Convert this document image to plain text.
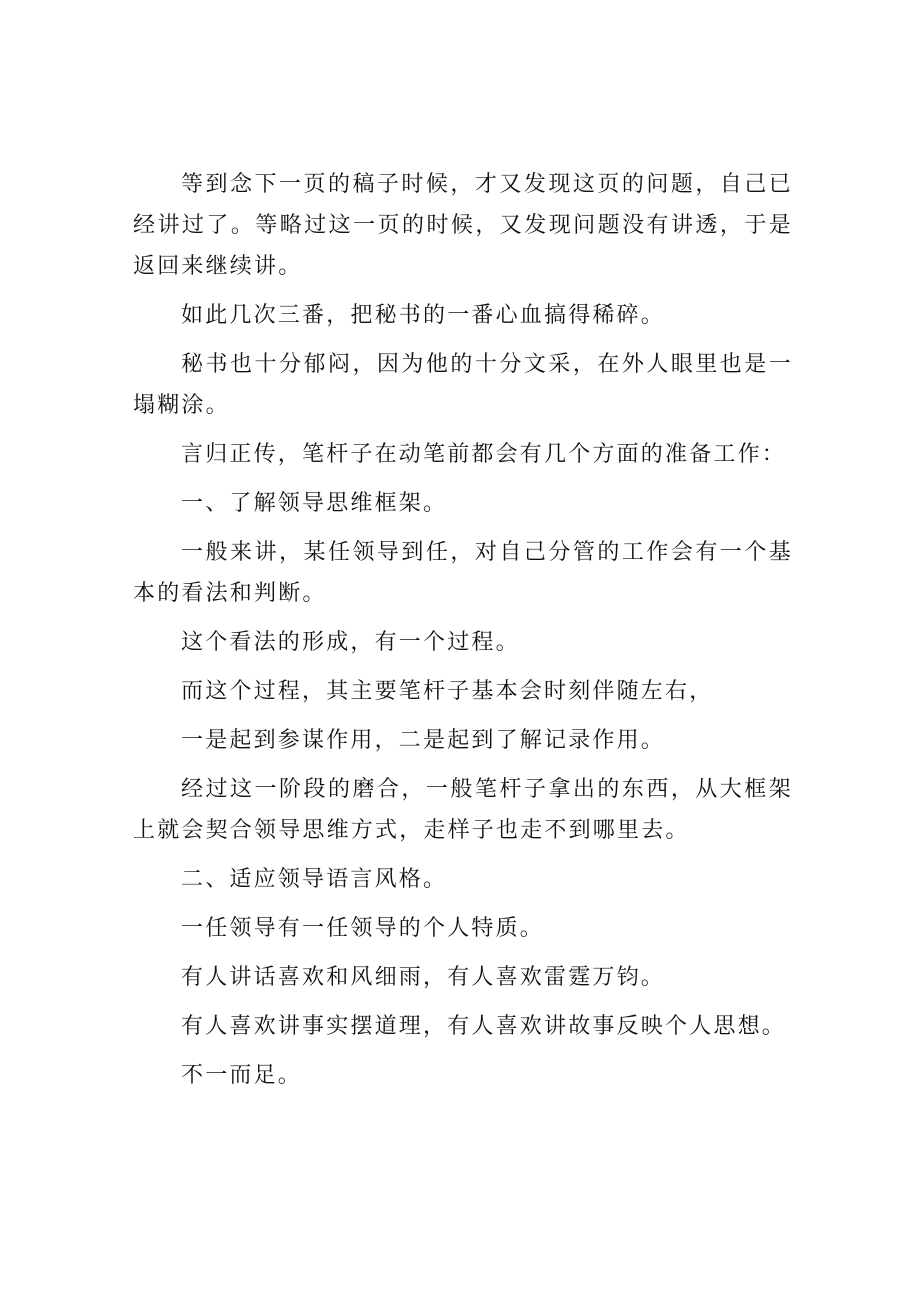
等到念下一页的稿子时候，才又发现这页的问题，自己已经讲过了。等略过这一页的时候，又发现问题没有讲透，于是返回来继续讲。

如此几次三番，把秘书的一番心血搞得稀碎。

秘书也十分郁闷，因为他的十分文采，在外人眼里也是一塌糊涂。

言归正传，笔杆子在动笔前都会有几个方面的准备工作：

一、了解领导思维框架。

一般来讲，某任领导到任，对自己分管的工作会有一个基本的看法和判断。

这个看法的形成，有一个过程。

而这个过程，其主要笔杆子基本会时刻伴随左右，

一是起到参谋作用，二是起到了解记录作用。

经过这一阶段的磨合，一般笔杆子拿出的东西，从大框架上就会契合领导思维方式，走样子也走不到哪里去。

二、适应领导语言风格。

一任领导有一任领导的个人特质。

有人讲话喜欢和风细雨，有人喜欢雷霆万钧。

有人喜欢讲事实摆道理，有人喜欢讲故事反映个人思想。

不一而足。
